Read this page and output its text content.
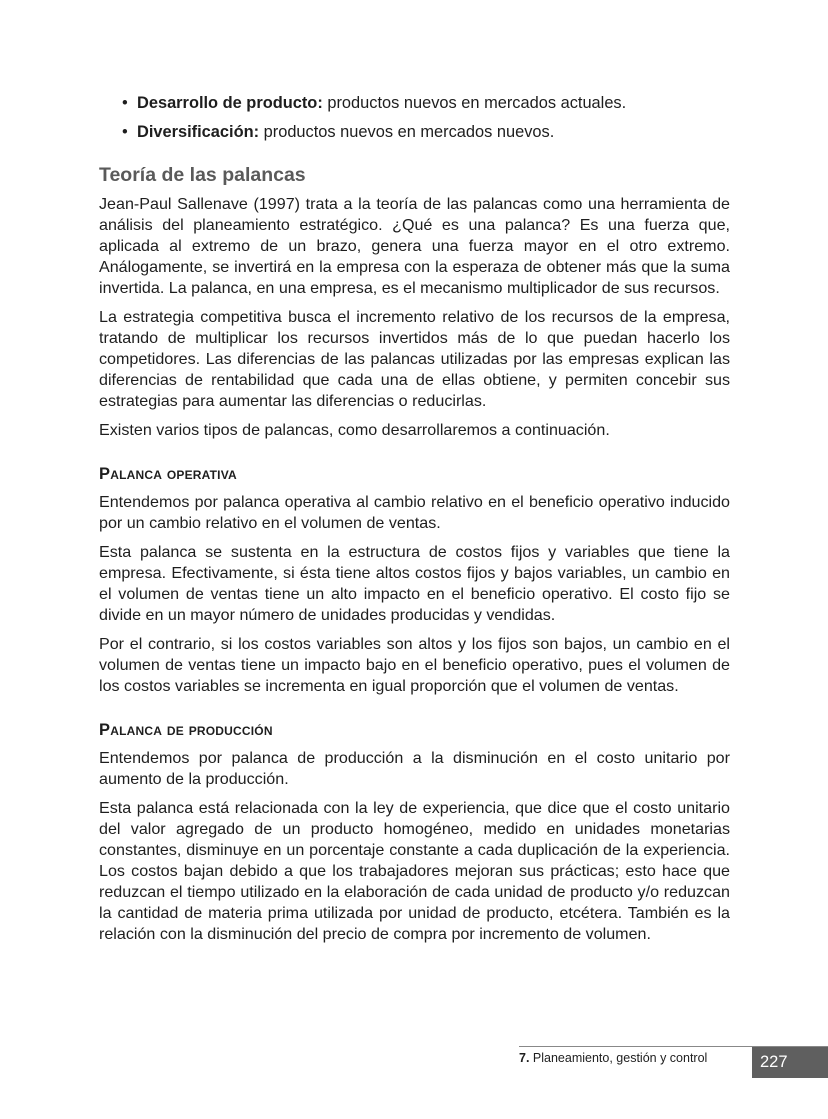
• Desarrollo de producto: productos nuevos en mercados actuales.
• Diversificación: productos nuevos en mercados nuevos.
Teoría de las palancas

Jean-Paul Sallenave (1997) trata a la teoría de las palancas como una herramienta de análisis del planeamiento estratégico. ¿Qué es una palanca? Es una fuerza que, aplicada al extremo de un brazo, genera una fuerza mayor en el otro extremo. Análogamente, se invertirá en la empresa con la esperaza de obtener más que la suma invertida. La palanca, en una empresa, es el mecanismo multiplicador de sus recursos.

La estrategia competitiva busca el incremento relativo de los recursos de la empresa, tratando de multiplicar los recursos invertidos más de lo que puedan hacerlo los competidores. Las diferencias de las palancas utilizadas por las empresas explican las diferencias de rentabilidad que cada una de ellas obtiene, y permiten concebir sus estrategias para aumentar las diferencias o reducirlas.

Existen varios tipos de palancas, como desarrollaremos a continuación.

Palanca operativa

Entendemos por palanca operativa al cambio relativo en el beneficio operativo inducido por un cambio relativo en el volumen de ventas.

Esta palanca se sustenta en la estructura de costos fijos y variables que tiene la empresa. Efectivamente, si ésta tiene altos costos fijos y bajos variables, un cambio en el volumen de ventas tiene un alto impacto en el beneficio operativo. El costo fijo se divide en un mayor número de unidades producidas y vendidas.

Por el contrario, si los costos variables son altos y los fijos son bajos, un cambio en el volumen de ventas tiene un impacto bajo en el beneficio operativo, pues el volumen de los costos variables se incrementa en igual proporción que el volumen de ventas.

Palanca de producción

Entendemos por palanca de producción a la disminución en el costo unitario por aumento de la producción.

Esta palanca está relacionada con la ley de experiencia, que dice que el costo unitario del valor agregado de un producto homogéneo, medido en unidades monetarias constantes, disminuye en un porcentaje constante a cada duplicación de la experiencia. Los costos bajan debido a que los trabajadores mejoran sus prácticas; esto hace que reduzcan el tiempo utilizado en la elaboración de cada unidad de producto y/o reduzcan la cantidad de materia prima utilizada por unidad de producto, etcétera. También es la relación con la disminución del precio de compra por incremento de volumen.

7. Planeamiento, gestión y control	227
